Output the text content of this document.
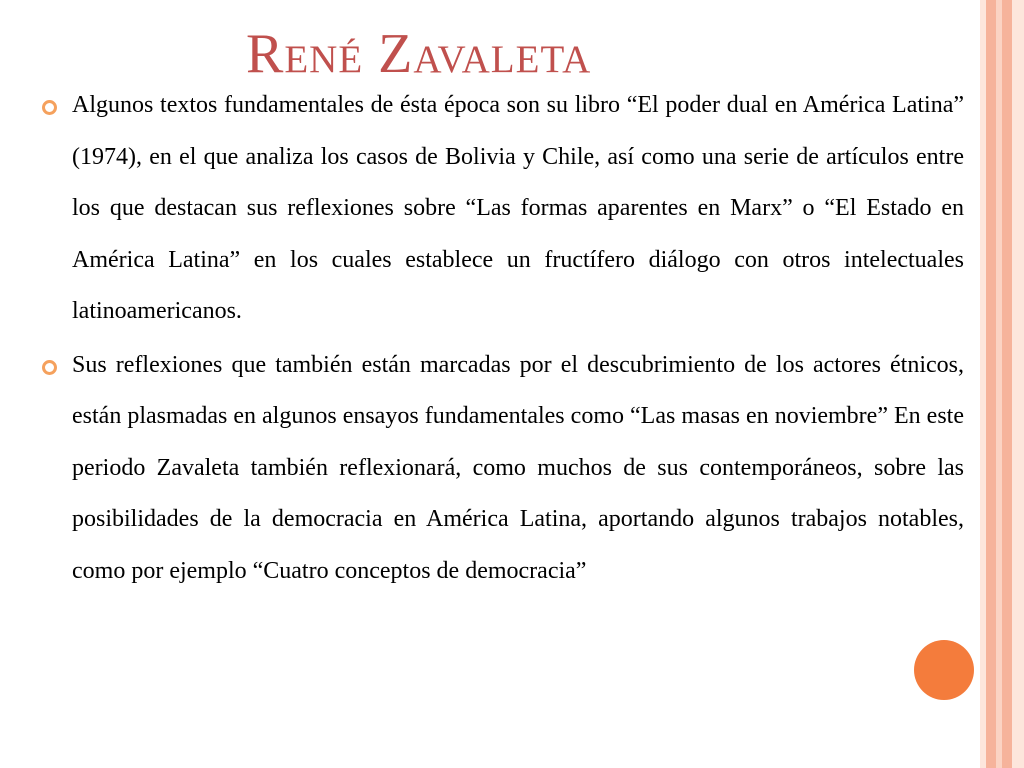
René Zavaleta
Algunos textos fundamentales de ésta época son su libro “El poder dual en América Latina” (1974), en el que analiza los casos de Bolivia y Chile, así como una serie de artículos entre los que destacan sus reflexiones sobre “Las formas aparentes en Marx” o “El Estado en América Latina” en los cuales establece un fructífero diálogo con otros intelectuales latinoamericanos.
Sus reflexiones que también están marcadas por el descubrimiento de los actores étnicos, están plasmadas en algunos ensayos fundamentales como “Las masas en noviembre” En este periodo Zavaleta también reflexionará, como muchos de sus contemporáneos, sobre las posibilidades de la democracia en América Latina, aportando algunos trabajos notables, como por ejemplo “Cuatro conceptos de democracia”
